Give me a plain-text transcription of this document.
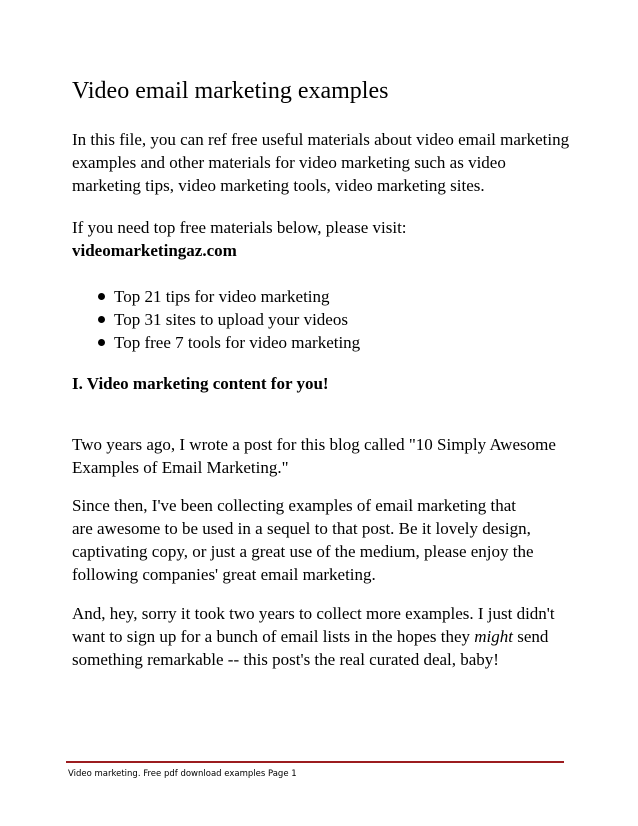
Video email marketing examples

In this file, you can ref free useful materials about video email marketing

examples and other materials for video marketing such as video

marketing tips, video marketing tools, video marketing sites.

If you need top free materials below, please visit:

videomarketingaz.com

Top 21 tips for video marketing
Top 31 sites to upload your videos
Top free 7 tools for video marketing

I. Video marketing content for you!

Two years ago, I wrote a post for this blog called "10 Simply Awesome

Examples of Email Marketing."

Since then, I've been collecting examples of email marketing that

are awesome to be used in a sequel to that post. Be it lovely design,

captivating copy, or just a great use of the medium, please enjoy the

following companies' great email marketing.

And, hey, sorry it took two years to collect more examples. I just didn't

want to sign up for a bunch of email lists in the hopes they might send

something remarkable -- this post's the real curated deal, baby!

Video marketing. Free pdf download examples Page 1
